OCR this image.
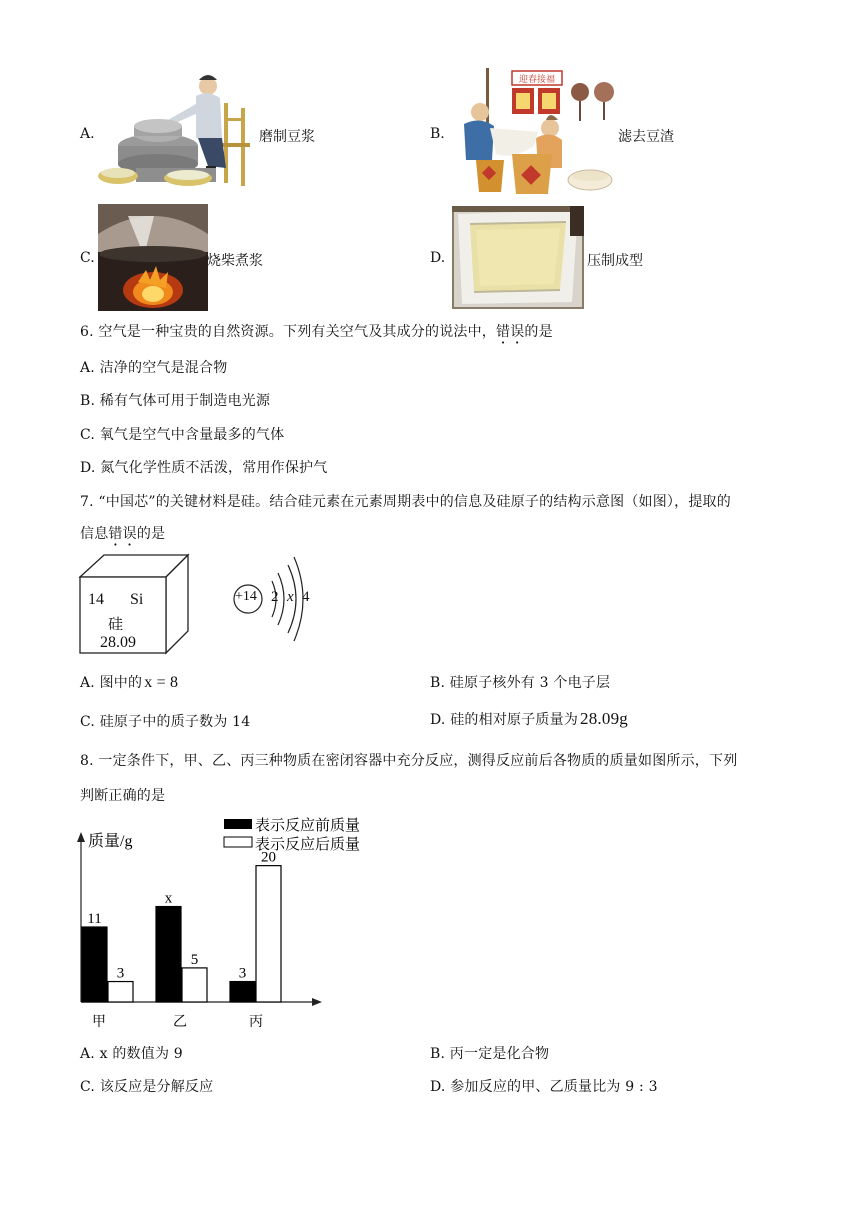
A.	磨制豆浆	B.
迎春接福
滤去豆渣
C.	烧柴煮浆	D.	压制成型
6. 空气是一种宝贵的自然资源。下列有关空气及其成分的说法中，错误的是
A. 洁净的空气是混合物
B. 稀有气体可用于制造电光源
C. 氧气是空气中含量最多的气体
D. 氮气化学性质不活泼，常用作保护气
7. “中国芯”的关键材料是硅。结合硅元素在元素周期表中的信息及硅原子的结构示意图（如图），提取的
信息错误的是
14 Si
硅
28.09
+14 2 x 4
A. 图中的 x = 8	B. 硅原子核外有 3 个电子层
C. 硅原子中的质子数为 14	D. 硅的相对原子质量为 28.09g
8. 一定条件下，甲、乙、丙三种物质在密闭容器中充分反应，测得反应前后各物质的质量如图所示，下列
判断正确的是
质量/g
表示反应前质量
表示反应后质量
11
3
x
5
3
20
甲	乙	丙
A. x 的数值为 9	B. 丙一定是化合物
C. 该反应是分解反应	D. 参加反应的甲、乙质量比为 9 : 3
